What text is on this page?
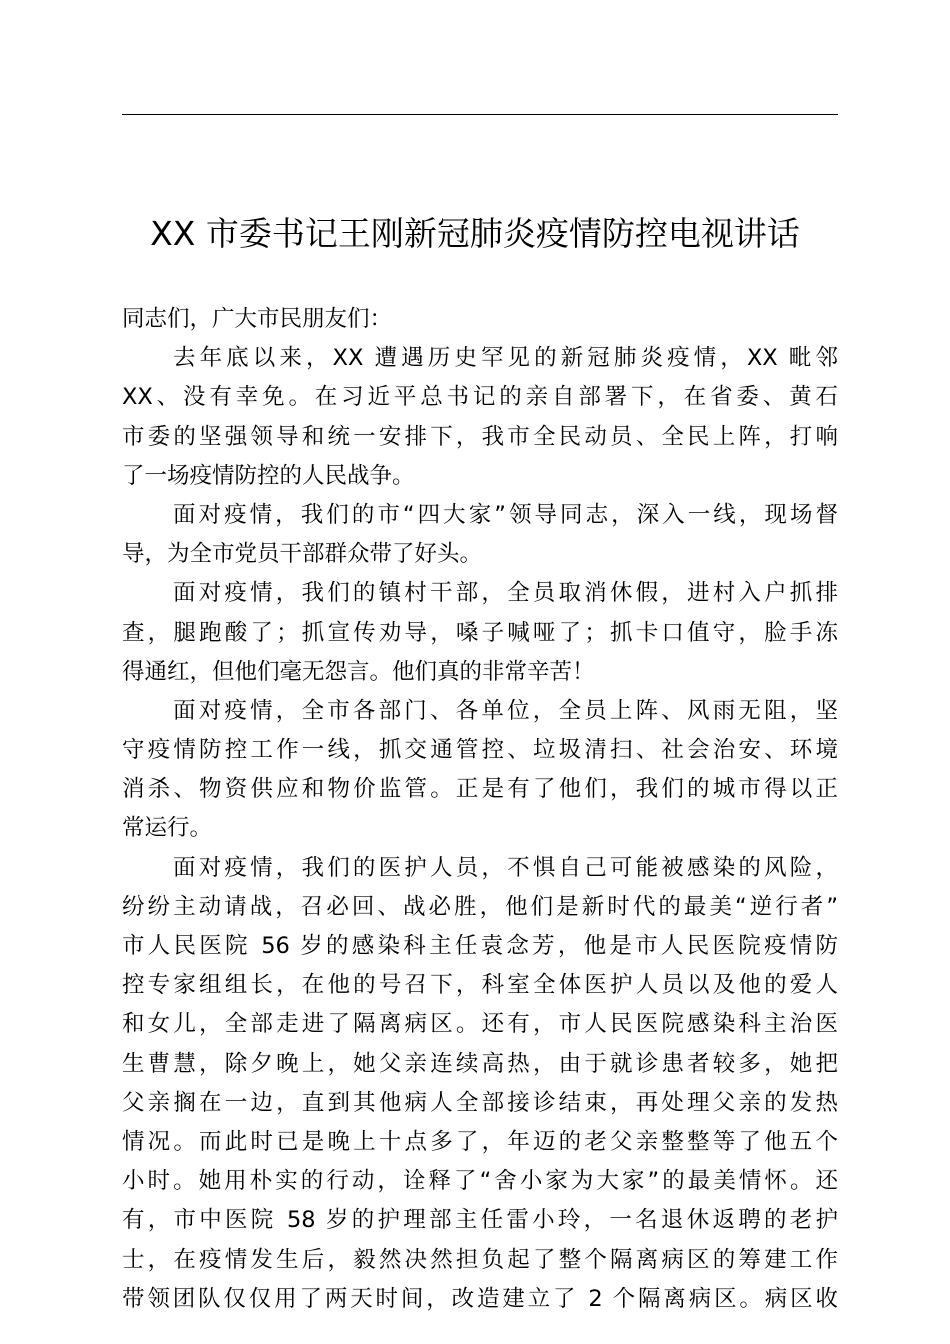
XX 市委书记王刚新冠肺炎疫情防控电视讲话

同志们，广大市民朋友们：

去年底以来，XX 遭遇历史罕见的新冠肺炎疫情，XX 毗邻
XX、没有幸免。在习近平总书记的亲自部署下，在省委、黄石
市委的坚强领导和统一安排下，我市全民动员、全民上阵，打响
了一场疫情防控的人民战争。
面对疫情，我们的市“四大家”领导同志，深入一线，现场督
导，为全市党员干部群众带了好头。
面对疫情，我们的镇村干部，全员取消休假，进村入户抓排
查，腿跑酸了；抓宣传劝导，嗓子喊哑了；抓卡口值守，脸手冻
得通红，但他们毫无怨言。他们真的非常辛苦！
面对疫情，全市各部门、各单位，全员上阵、风雨无阻，坚
守疫情防控工作一线，抓交通管控、垃圾清扫、社会治安、环境
消杀、物资供应和物价监管。正是有了他们，我们的城市得以正
常运行。
面对疫情，我们的医护人员，不惧自己可能被感染的风险，
纷纷主动请战，召必回、战必胜，他们是新时代的最美“逆行者”
市人民医院 56 岁的感染科主任袁念芳，他是市人民医院疫情防
控专家组组长，在他的号召下，科室全体医护人员以及他的爱人
和女儿，全部走进了隔离病区。还有，市人民医院感染科主治医
生曹慧，除夕晚上，她父亲连续高热，由于就诊患者较多，她把
父亲搁在一边，直到其他病人全部接诊结束，再处理父亲的发热
情况。而此时已是晚上十点多了，年迈的老父亲整整等了他五个
小时。她用朴实的行动，诠释了“舍小家为大家”的最美情怀。还
有，市中医院 58 岁的护理部主任雷小玲，一名退休返聘的老护
士，在疫情发生后，毅然决然担负起了整个隔离病区的筹建工作
带领团队仅仅用了两天时间，改造建立了 2 个隔离病区。病区收
